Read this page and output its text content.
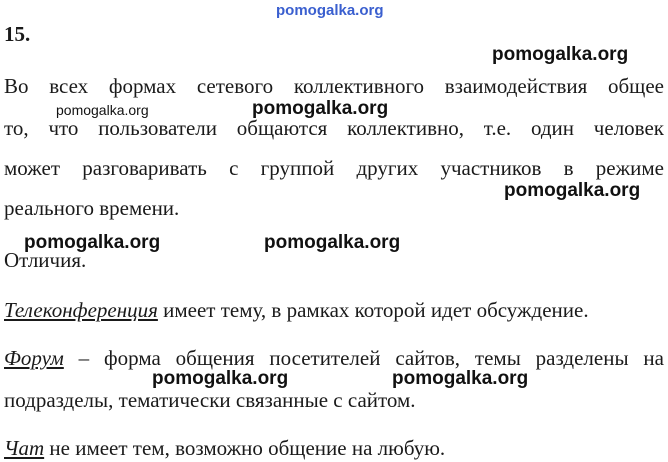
pomogalka.org
15.
pomogalka.org
Во всех формах сетевого коллективного взаимодействия общее
pomogalka.org	pomogalka.org
то, что пользователи общаются коллективно, т.е. один человек
может разговаривать с группой других участников в режиме
pomogalka.org
реального времени.
pomogalka.org	pomogalka.org
Отличия.
Телеконференция имеет тему, в рамках которой идет обсуждение.
Форум – форма общения посетителей сайтов, темы разделены на
pomogalka.org	pomogalka.org
подразделы, тематически связанные с сайтом.
Чат не имеет тем, возможно общение на любую.
